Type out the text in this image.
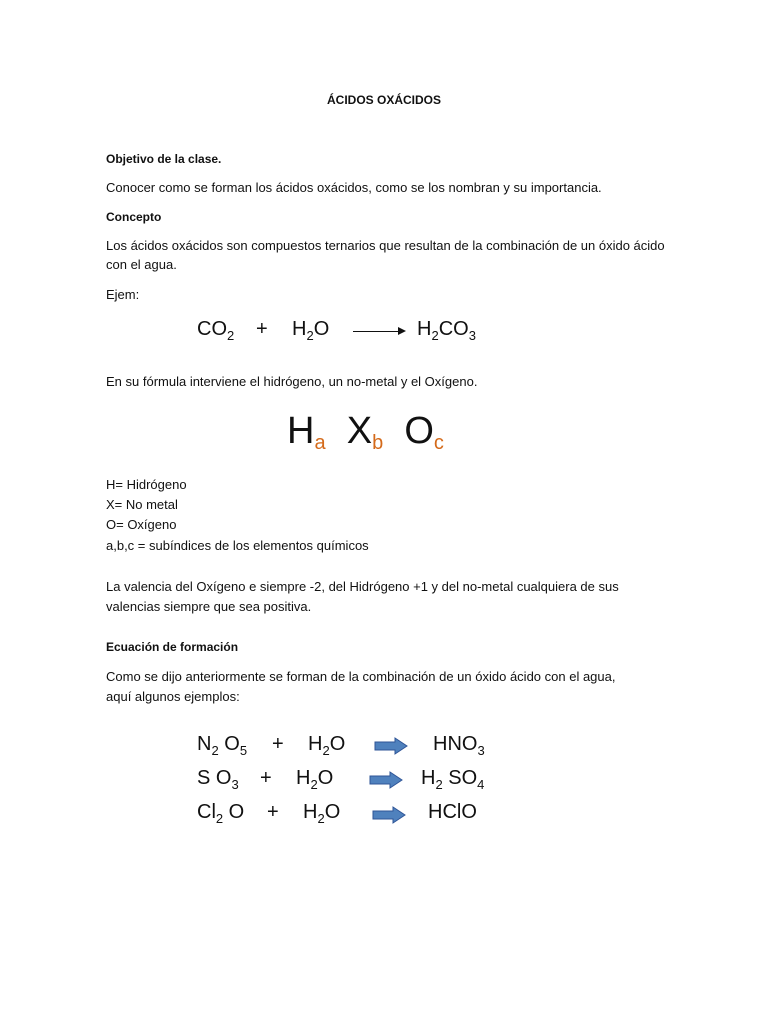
ÁCIDOS OXÁCIDOS
Objetivo de la clase.
Conocer como se forman los ácidos oxácidos, como se los nombran y su importancia.
Concepto
Los ácidos oxácidos son compuestos ternarios que resultan de la combinación de un óxido ácido
con el agua.
Ejem:
$CO_2 + H_2O$	$H_2CO_3$
En su fórmula interviene el hidrógeno, un no-metal y el Oxígeno.
Ha Xb Oc
H= Hidrógeno
X= No metal
O= Oxígeno
a,b,c = subíndices de los elementos químicos
La valencia del Oxígeno e siempre -2, del Hidrógeno +1 y del no-metal cualquiera de sus
valencias siempre que sea positiva.
Ecuación de formación
Como se dijo anteriormente se forman de la combinación de un óxido ácido con el agua,
aquí algunos ejemplos:
$N_2$ $O_5 + H_2O$	$HNO_3$
S $O_3 + H_2O \to H_2$ $SO_4$
$Cl_2$ $O + H_2O$ → HClO
